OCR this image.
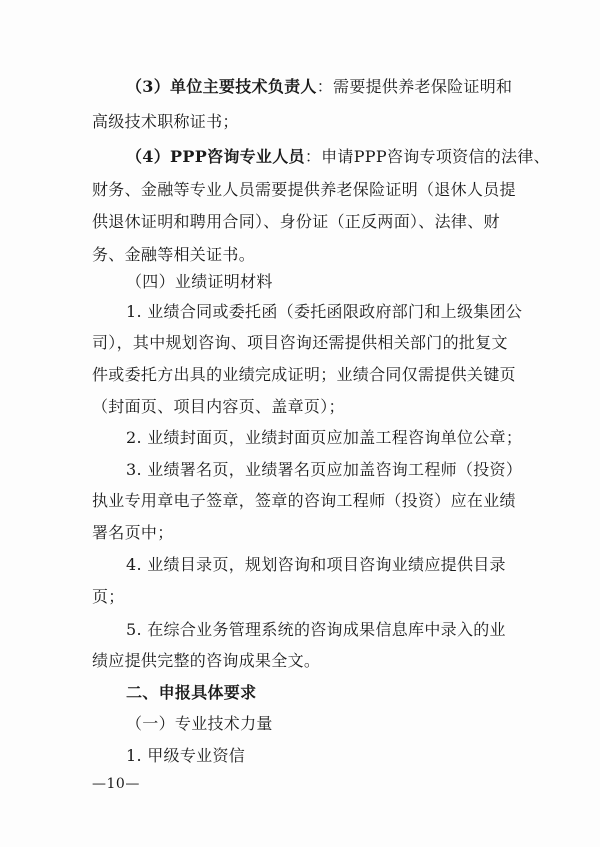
（3）单位主要技术负责人：需要提供养老保险证明和
高级技术职称证书；
（4）PPP咨询专业人员：申请PPP咨询专项资信的法律、
财务、金融等专业人员需要提供养老保险证明（退休人员提
供退休证明和聘用合同）、身份证（正反两面）、法律、财
务、金融等相关证书。
（四）业绩证明材料
1. 业绩合同或委托函（委托函限政府部门和上级集团公
司），其中规划咨询、项目咨询还需提供相关部门的批复文
件或委托方出具的业绩完成证明；业绩合同仅需提供关键页
（封面页、项目内容页、盖章页）；
2. 业绩封面页，业绩封面页应加盖工程咨询单位公章；
3. 业绩署名页，业绩署名页应加盖咨询工程师（投资）
执业专用章电子签章，签章的咨询工程师（投资）应在业绩
署名页中；
4. 业绩目录页，规划咨询和项目咨询业绩应提供目录
页；
5. 在综合业务管理系统的咨询成果信息库中录入的业
绩应提供完整的咨询成果全文。
—10—
二、申报具体要求
（一）专业技术力量
1. 甲级专业资信
